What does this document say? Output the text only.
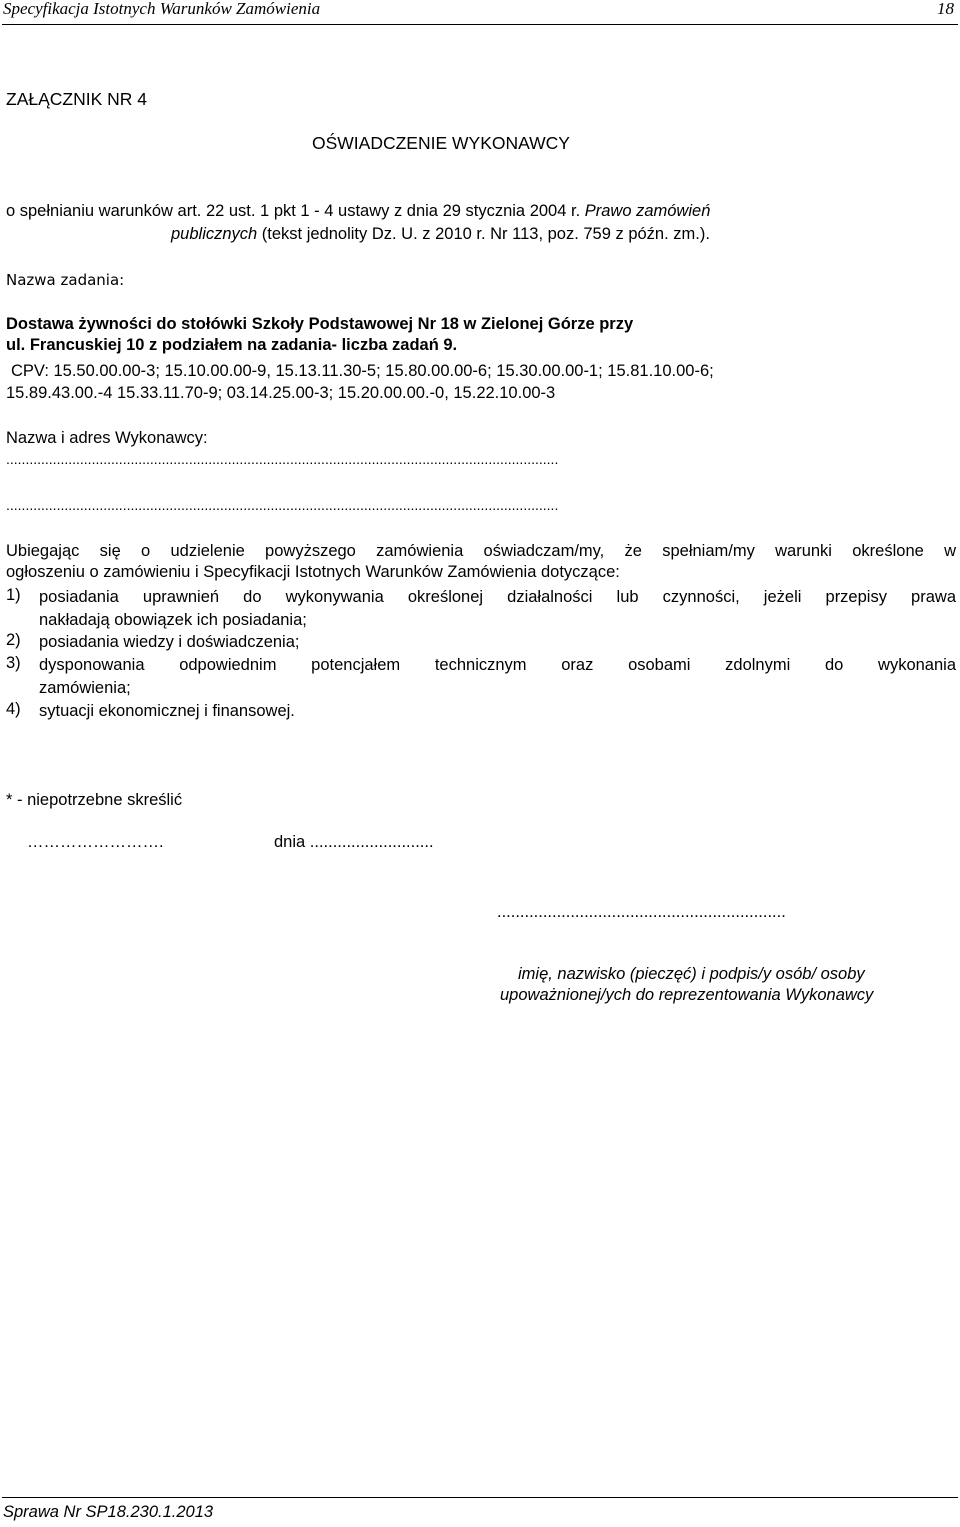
Specyfikacja Istotnych Warunków Zamówienia	18
ZAŁĄCZNIK NR 4
OŚWIADCZENIE WYKONAWCY
o spełnianiu warunków art. 22 ust. 1 pkt 1 - 4 ustawy z dnia 29 stycznia 2004 r. Prawo zamówień
publicznych (tekst jednolity Dz. U. z 2010 r. Nr 113, poz. 759 z późn. zm.).
Nazwa zadania:
Dostawa żywności do stołówki Szkoły Podstawowej Nr 18 w Zielonej Górze przy
ul. Francuskiej 10 z podziałem na zadania- liczba zadań 9.
CPV: 15.50.00.00-3; 15.10.00.00-9, 15.13.11.30-5; 15.80.00.00-6; 15.30.00.00-1; 15.81.10.00-6;
15.89.43.00.-4 15.33.11.70-9; 03.14.25.00-3; 15.20.00.00.-0, 15.22.10.00-3
Nazwa i adres Wykonawcy:
..............................................................................................................................................
..............................................................................................................................................
Ubiegając się o udzielenie powyższego zamówienia oświadczam/my, że spełniam/my warunki określone w
ogłoszeniu o zamówieniu i Specyfikacji Istotnych Warunków Zamówienia dotyczące:
1) posiadania uprawnień do wykonywania określonej działalności lub czynności, jeżeli przepisy prawa
nakładają obowiązek ich posiadania;
2) posiadania wiedzy i doświadczenia;
3) dysponowania odpowiednim potencjałem technicznym oraz osobami zdolnymi do wykonania
zamówienia;
4) sytuacji ekonomicznej i finansowej.
* - niepotrzebne skreślić
…………………….	dnia ...........................
...............................................................
imię, nazwisko (pieczęć) i podpis/y osób/ osoby
upoważnionej/ych do reprezentowania Wykonawcy
Sprawa Nr SP18.230.1.2013
